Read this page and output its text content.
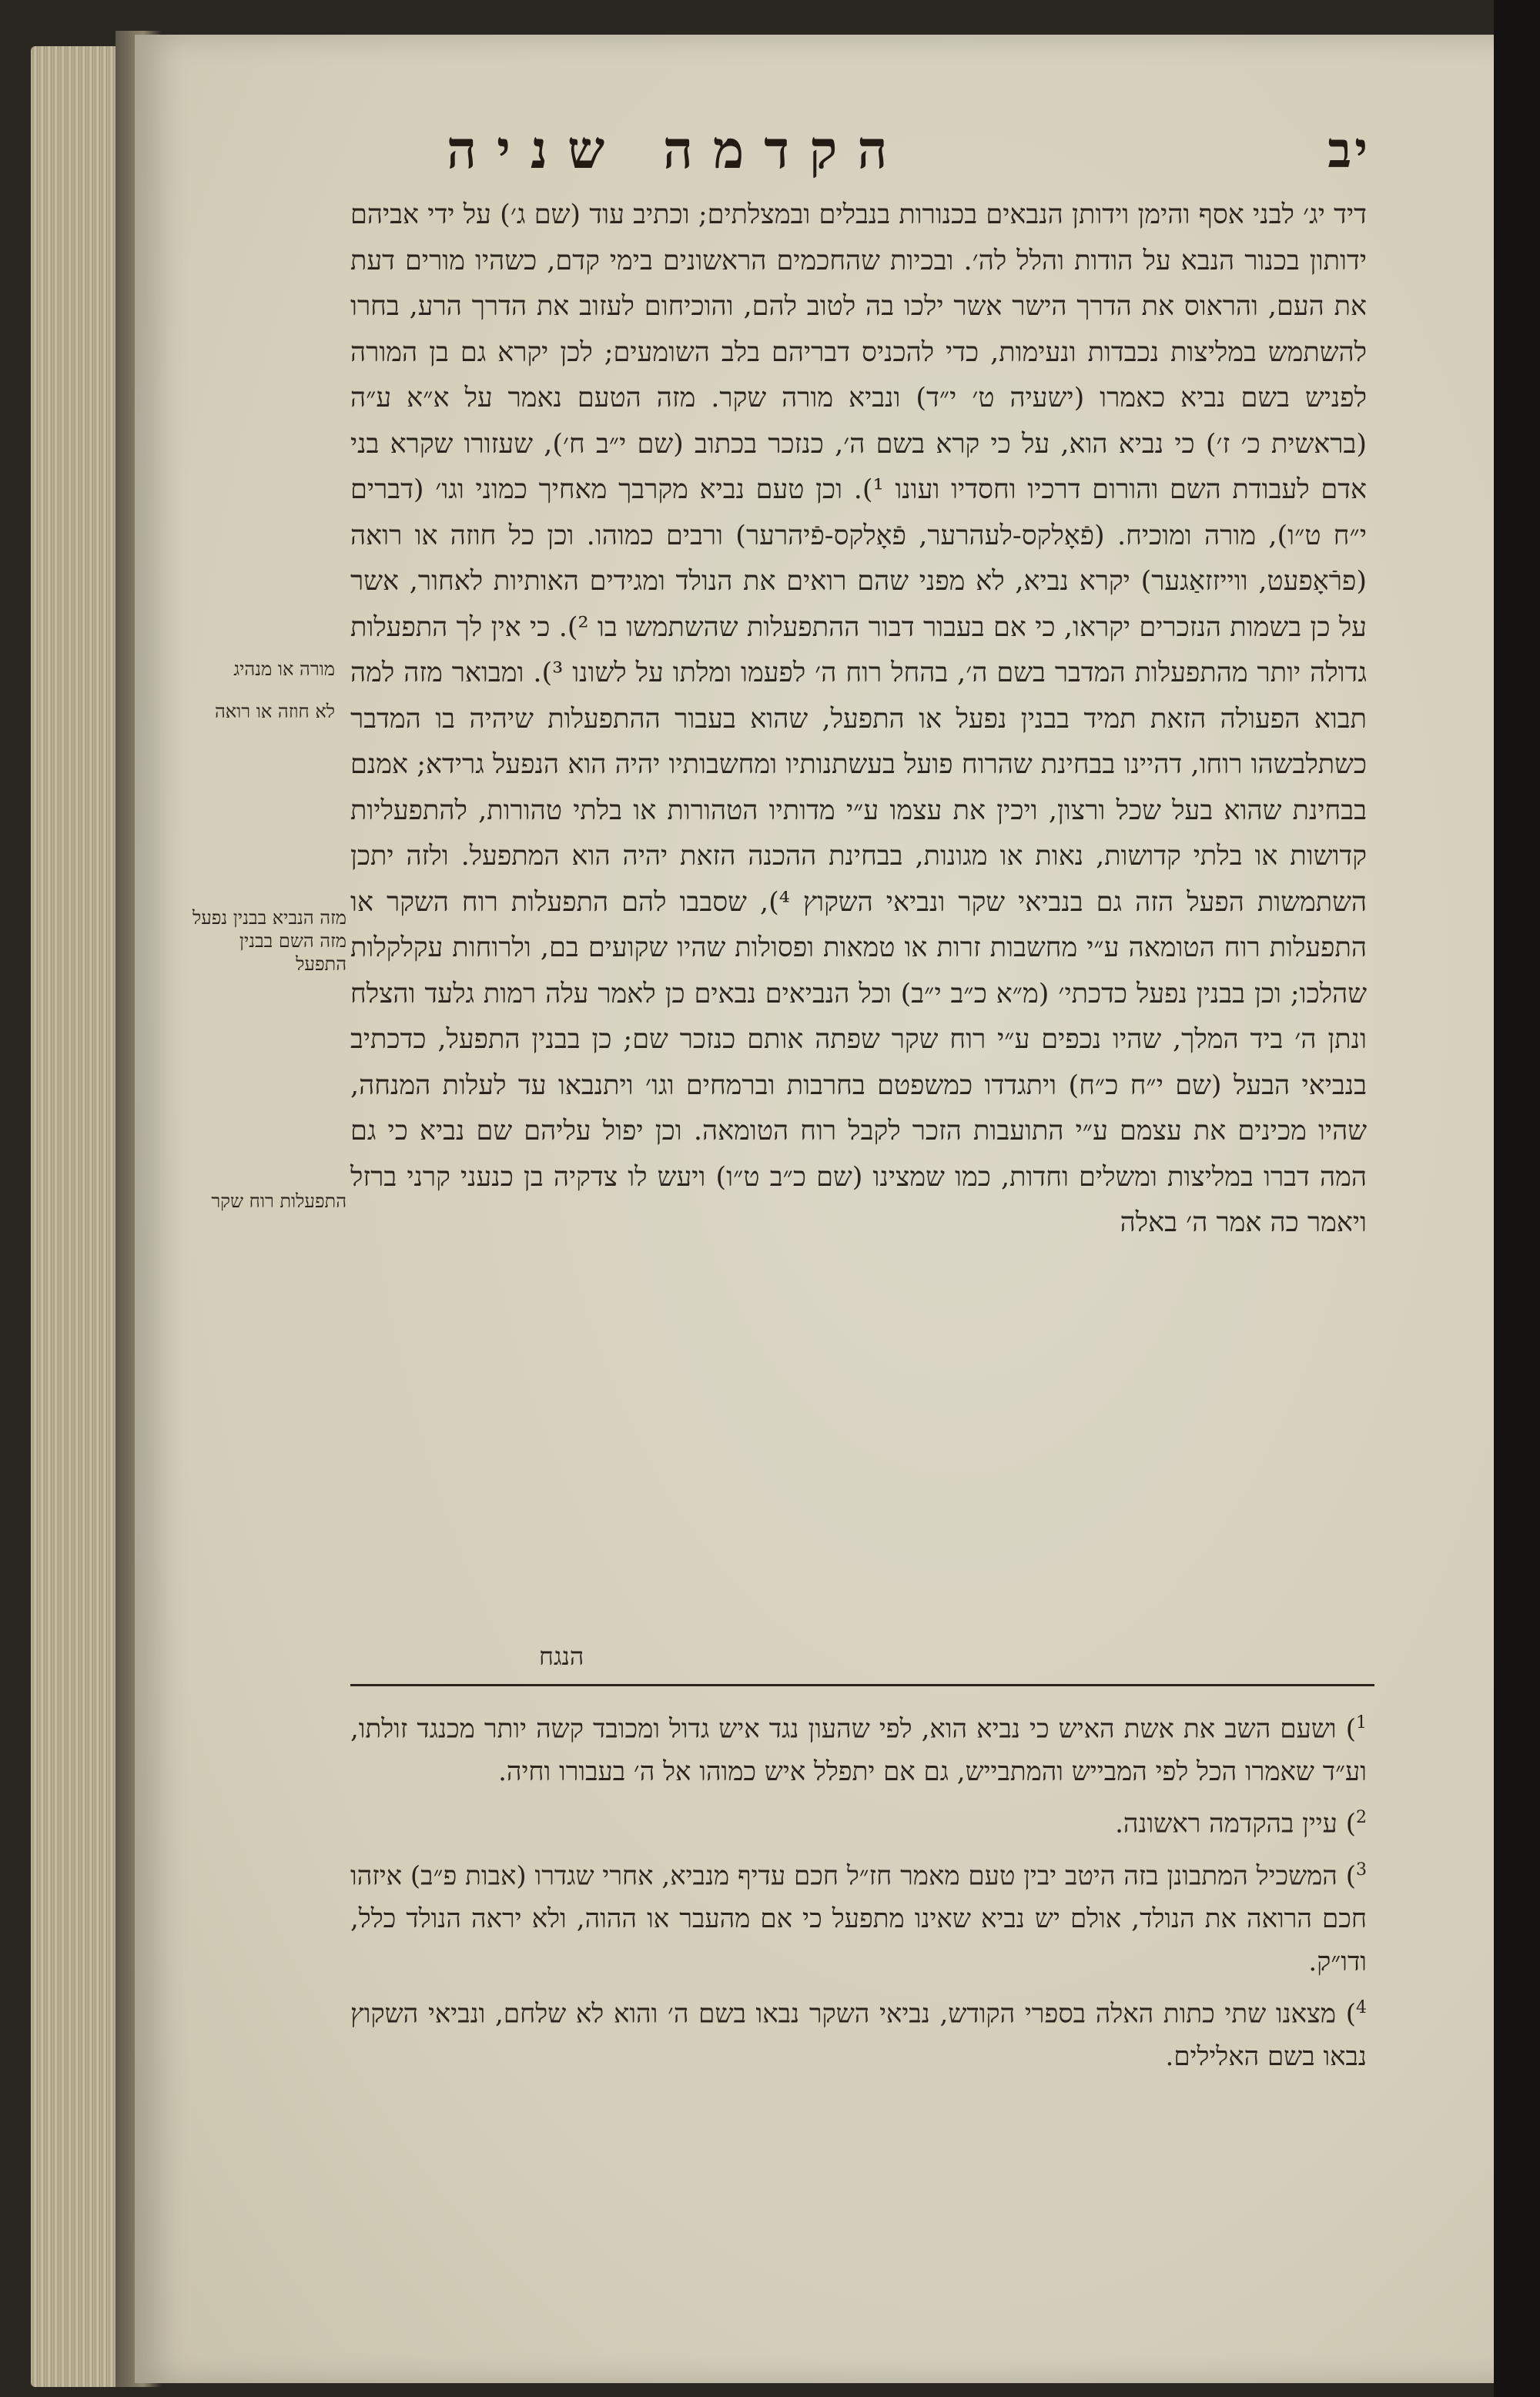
יב
הקדמה שניה

דיד יג׳ לבני אסף והימן וידותן הנבאים בכנורות בנבלים ובמצלתים; וכתיב עוד (שם ג׳) על ידי אביהם ידותון בכנור הנבא על הודות והלל לה׳. ובכיות שהחכמים הראשונים בימי קדם, כשהיו מורים דעת את העם, והראוס את הדרך הישר אשר ילכו בה לטוב להם, והוכיחום לעזוב את הדרך הרע, בחרו להשתמש במליצות נכבדות ונעימות, כדי להכניס דבריהם בלב השומעים; לכן יקרא גם בן המורה לפניש בשם נביא כאמרו (ישעיה ט׳ י״ד) ונביא מורה שקר. מזה הטעם נאמר על א״א ע״ה (בראשית כ׳ ז׳) כי נביא הוא, על כי קרא בשם ה׳, כנזכר בכתוב (שם י״ב ח׳), שעזורו שקרא בני אדם לעבודת השם והורום דרכיו וחסדיו ועונו ¹). וכן טעם נביא מקרבך מאחיך כמוני וגו׳ (דברים י״ח ט״ו), מורה ומוכיח. (פֿאָלקס-לעהרער, פֿאָלקס-פֿיהרער) ורבים כמוהו. וכן כל חוזה או רואה (פרֿאָפעט, ווייזזאַגער) יקרא נביא, לא מפני שהם רואים את הנולד ומגידים האותיות לאחור, אשר על כן בשמות הנזכרים יקראו, כי אם בעבור דבור ההתפעלות שהשתמשו בו ²). כי אין לך התפעלות גדולה יותר מהתפעלות המדבר בשם ה׳, בהחל רוח ה׳ לפעמו ומלתו על לשונו ³). ומבואר מזה למה תבוא הפעולה הזאת תמיד בבנין נפעל או התפעל, שהוא בעבור ההתפעלות שיהיה בו המדבר כשתלבשהו רוחו, דהיינו בבחינת שהרוח פועל בעשתנותיו ומחשבותיו יהיה הוא הנפעל גרידא; אמנם בבחינת שהוא בעל שכל ורצון, ויכין את עצמו ע״י מדותיו הטהורות או בלתי טהורות, להתפעליות קדושות או בלתי קדושות, נאות או מגונות, בבחינת ההכנה הזאת יהיה הוא המתפעל. ולזה יתכן השתמשות הפעל הזה גם בנביאי שקר ונביאי השקוץ ⁴), שסבבו להם התפעלות רוח השקר או התפעלות רוח הטומאה ע״י מחשבות זרות או טמאות ופסולות שהיו שקועים בם, ולרוחות עקלקלות שהלכו; וכן בבנין נפעל כדכתי׳ (מ״א כ״ב י״ב) וכל הנביאים נבאים כן לאמר עלה רמות גלעד והצלח ונתן ה׳ ביד המלך, שהיו נכפים ע״י רוח שקר שפתה אותם כנזכר שם; כן בבנין התפעל, כדכתיב בנביאי הבעל (שם י״ח כ״ח) ויתגדדו כמשפטם בחרבות וברמחים וגו׳ ויתנבאו עד לעלות המנחה, שהיו מכינים את עצמם ע״י התועבות הזכר לקבל רוח הטומאה. וכן יפול עליהם שם נביא כי גם המה דברו במליצות ומשלים וחדות, כמו שמצינו (שם כ״ב ט״ו) ויעש לו צדקיה בן כנעני קרני ברזל ויאמר כה אמר ה׳ באלה

מורה או מנהיג
לא חוזה או רואה
מזה הנביא בבנין נפעל מזה השם בבנין התפעל
התפעלות רוח שקר
הנגח

$^1$) ושעם השב את אשת האיש כי נביא הוא, לפי שהעון נגד איש גדול ומכובד קשה יותר מכנגד זולתו, וע״ד שאמרו הכל לפי המבייש והמתבייש, גם אם יתפלל איש כמוהו אל ה׳ בעבורו וחיה.

$^2$) עיין בהקדמה ראשונה.

$^3$) המשכיל המתבונן בזה היטב יבין טעם מאמר חז״ל חכם עדיף מנביא, אחרי שגדרו (אבות פ״ב) איזהו חכם הרואה את הנולד, אולם יש נביא שאינו מתפעל כי אם מהעבר או ההוה, ולא יראה הנולד כלל, ודו״ק.

$^4$) מצאנו שתי כתות האלה בספרי הקודש, נביאי השקר נבאו בשם ה׳ והוא לא שלחם, ונביאי השקוץ נבאו בשם האלילים.
